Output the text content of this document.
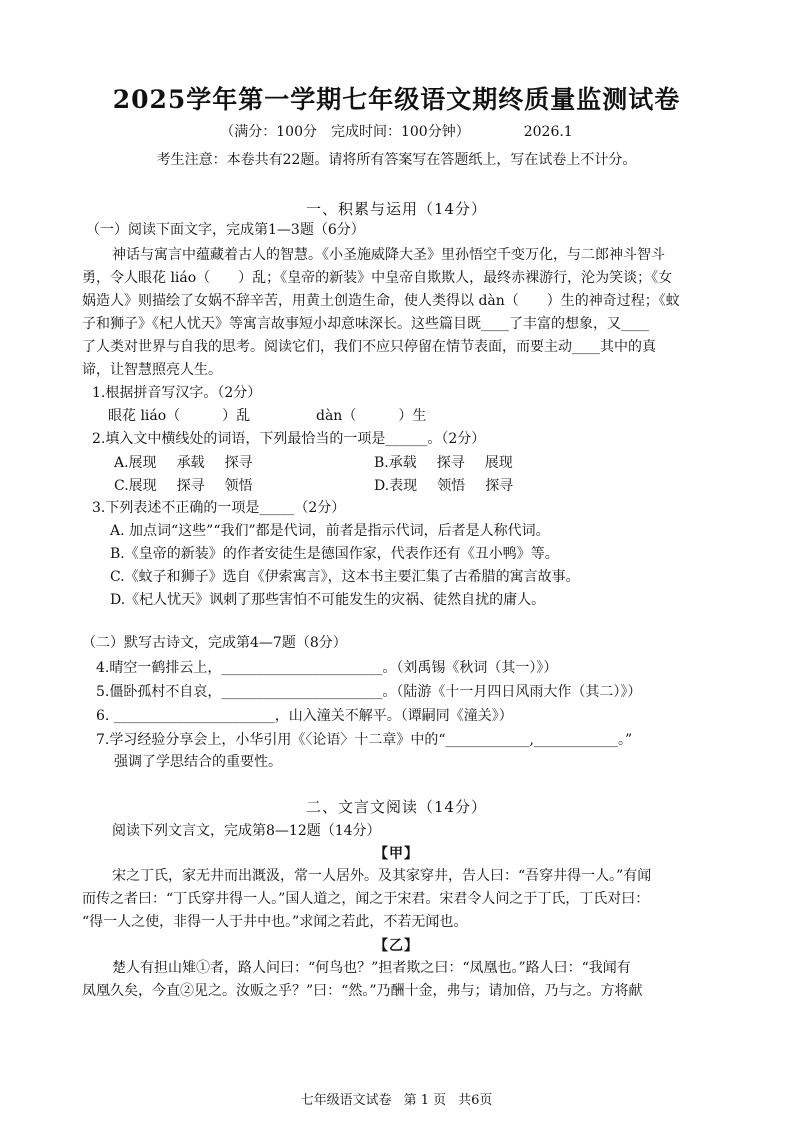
2025学年第一学期七年级语文期终质量监测试卷
（满分：100分　完成时间：100分钟）	2026.1
考生注意：本卷共有22题。请将所有答案写在答题纸上，写在试卷上不计分。
一、积累与运用（14分）
（一）阅读下面文字，完成第1—3题（6分）
神话与寓言中蕴藏着古人的智慧。《小圣施威降大圣》里孙悟空千变万化，与二郎神斗智斗
勇，令人眼花 liáo（　　）乱；《皇帝的新装》中皇帝自欺欺人，最终赤裸游行，沦为笑谈；《女
娲造人》则描绘了女娲不辞辛苦，用黄土创造生命，使人类得以 dàn（　　）生的神奇过程；《蚊
子和狮子》《杞人忧天》等寓言故事短小却意味深长。这些篇目既____了丰富的想象，又____
了人类对世界与自我的思考。阅读它们，我们不应只停留在情节表面，而要主动____其中的真
谛，让智慧照亮人生。
1.根据拼音写汉字。（2分）
眼花 liáo（　　　）乱	dàn（　　　）生
2.填入文中横线处的词语，下列最恰当的一项是______。（2分）
A.展现 承载 探寻	B.承载 探寻 展现
C.展现 探寻 领悟	D.表现 领悟 探寻
3.下列表述不正确的一项是_____（2分）
A. 加点词“这些”“我们”都是代词，前者是指示代词，后者是人称代词。
B.《皇帝的新装》的作者安徒生是德国作家，代表作还有《丑小鸭》等。
C.《蚊子和狮子》选自《伊索寓言》，这本书主要汇集了古希腊的寓言故事。
D.《杞人忧天》讽刺了那些害怕不可能发生的灾祸、徒然自扰的庸人。
（二）默写古诗文，完成第4—7题（8分）
4.晴空一鹤排云上，_______________________。（刘禹锡《秋词（其一）》）
5.僵卧孤村不自哀，_______________________。（陆游《十一月四日风雨大作（其二）》）
6. _______________________，山入潼关不解平。（谭嗣同《潼关》）
7.学习经验分享会上，小华引用《〈论语〉十二章》中的“____________,____________。”
强调了学思结合的重要性。
二、文言文阅读（14分）
阅读下列文言文，完成第8—12题（14分）
【甲】
宋之丁氏，家无井而出溉汲，常一人居外。及其家穿井，告人曰：“吾穿井得一人。”有闻
而传之者曰：“丁氏穿井得一人。”国人道之，闻之于宋君。宋君令人问之于丁氏，丁氏对曰：
“得一人之使，非得一人于井中也。”求闻之若此，不若无闻也。
【乙】
楚人有担山雉①者，路人问曰：“何鸟也？”担者欺之曰：“凤凰也。”路人曰：“我闻有
凤凰久矣，今直②见之。汝贩之乎？”曰：“然。”乃酬十金，弗与；请加倍，乃与之。方将献
七年级语文试卷 第 1 页 共6页
